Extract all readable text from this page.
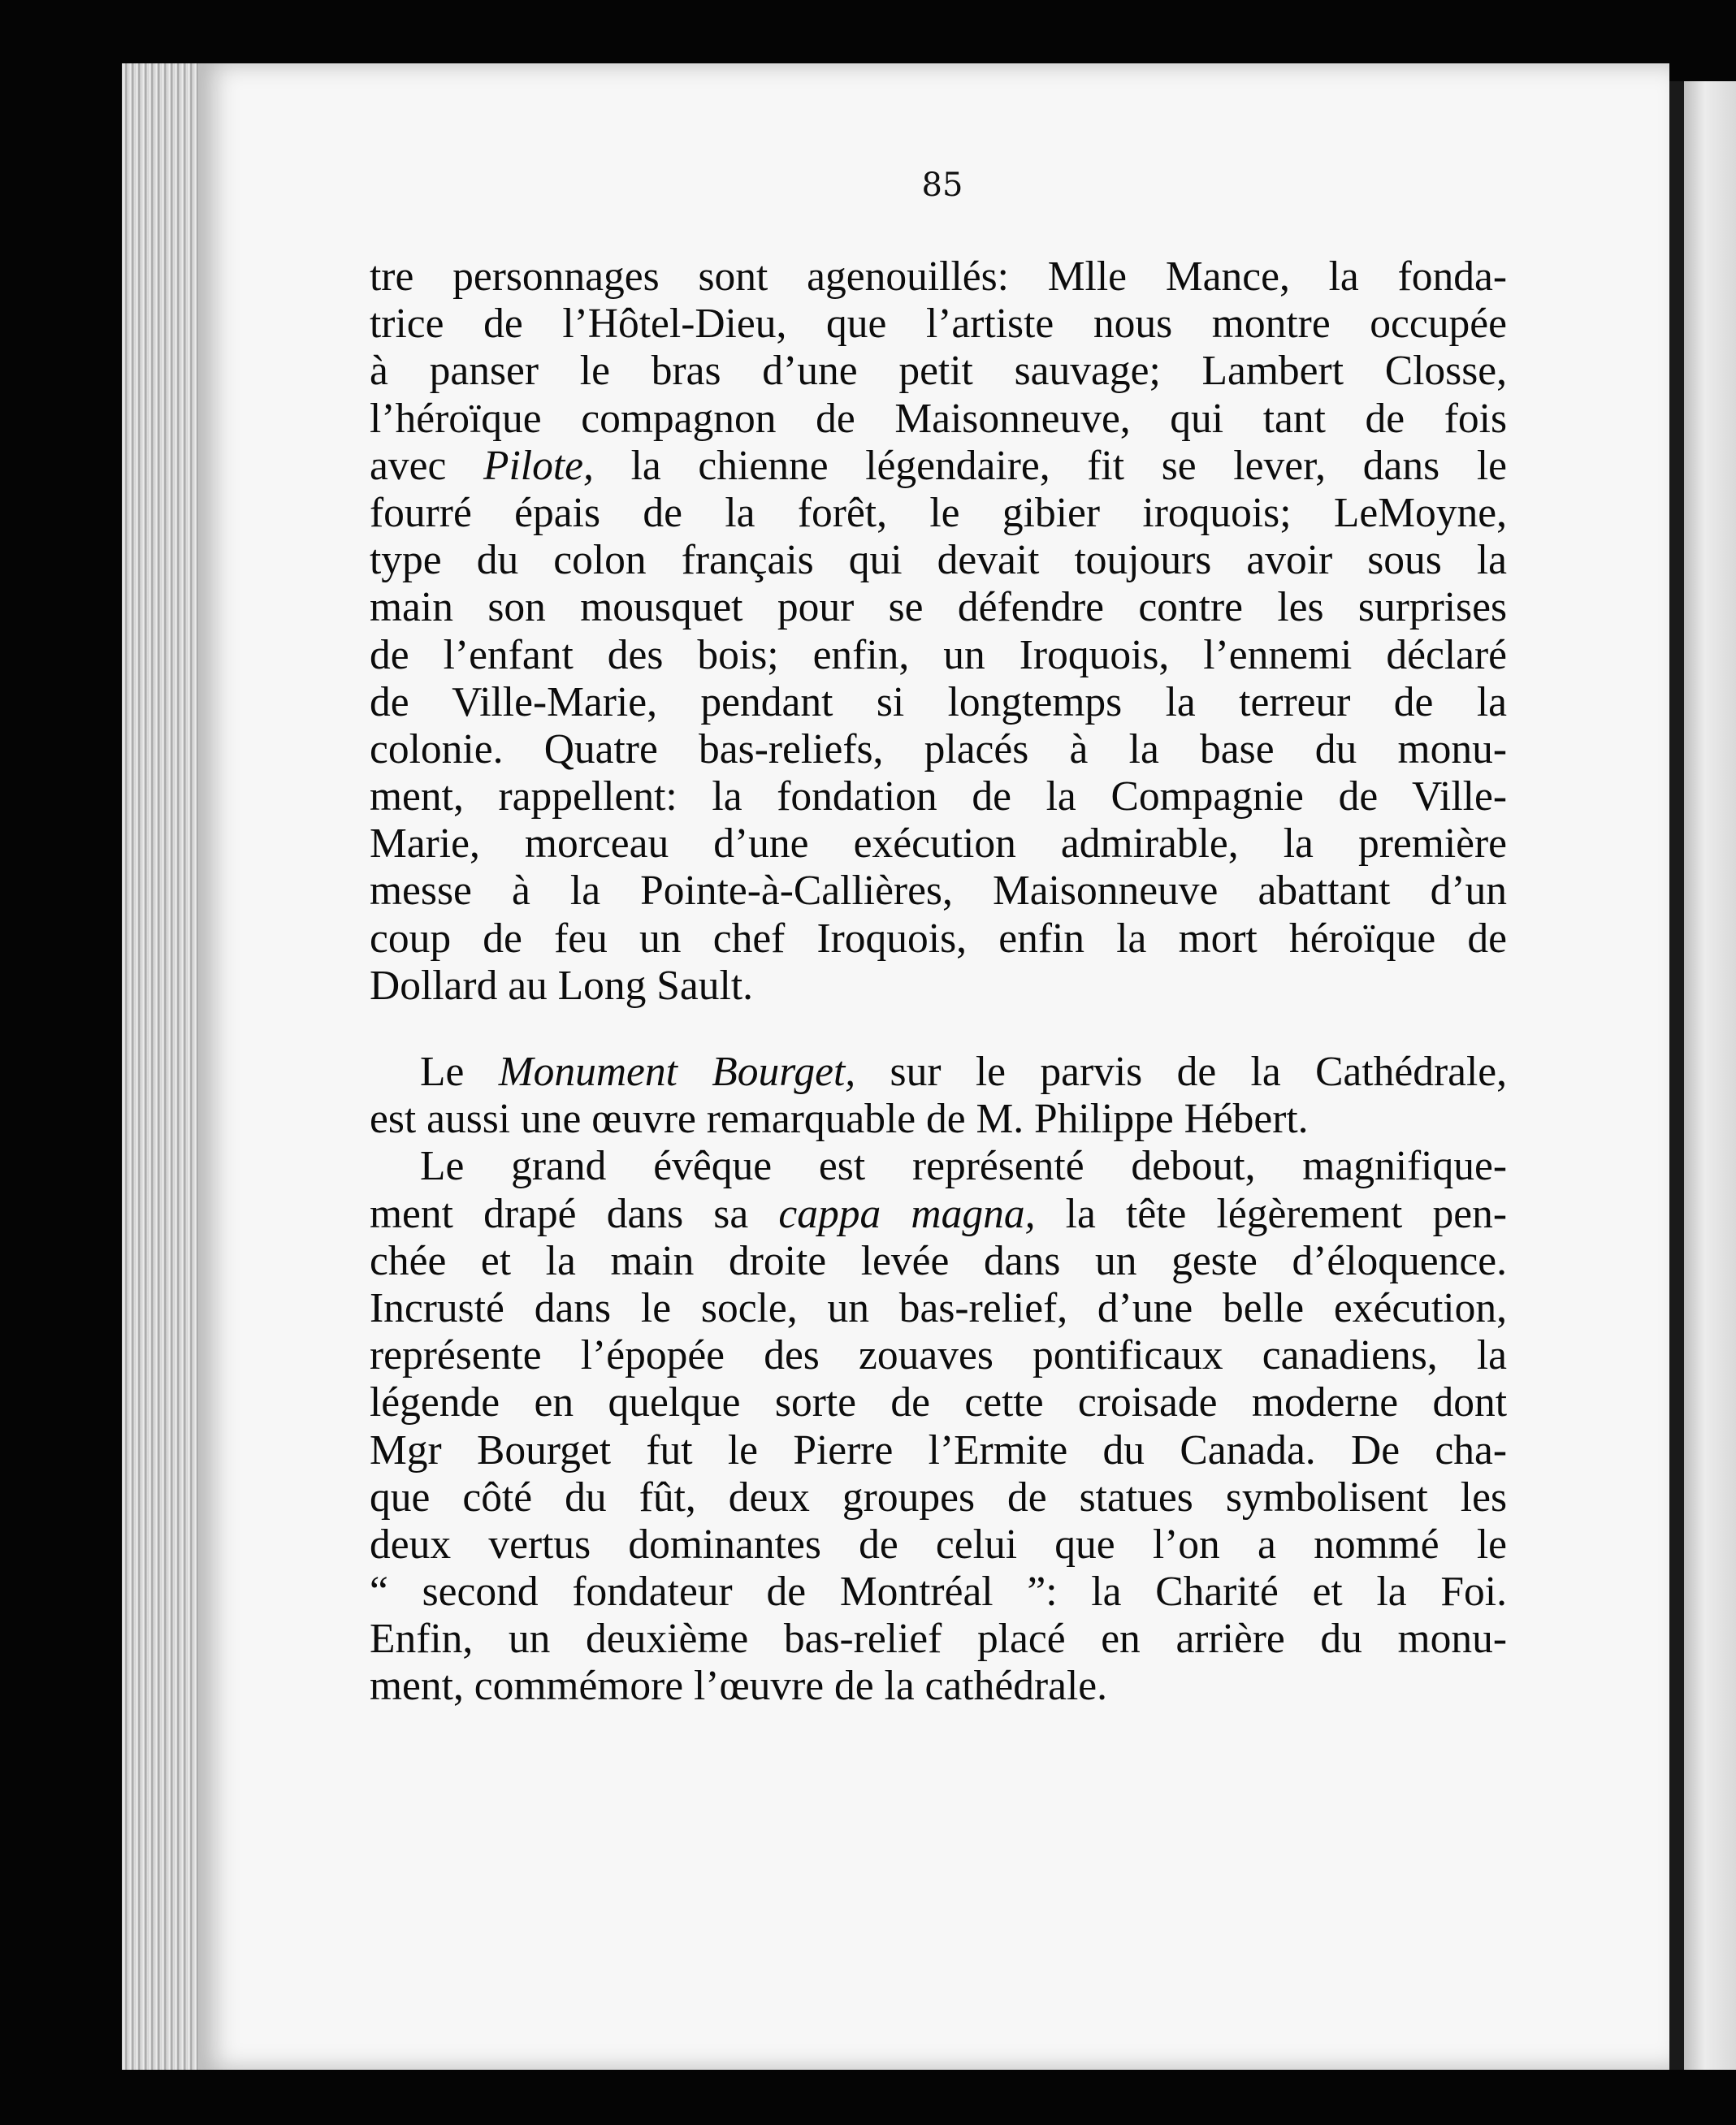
85
tre personnages sont agenouillés: Mlle Mance, la fonda-
trice de l’Hôtel-Dieu, que l’artiste nous montre occupée
à panser le bras d’une petit sauvage; Lambert Closse,
l’héroïque compagnon de Maisonneuve, qui tant de fois
avec Pilote, la chienne légendaire, fit se lever, dans le
fourré épais de la forêt, le gibier iroquois; LeMoyne,
type du colon français qui devait toujours avoir sous la
main son mousquet pour se défendre contre les surprises
de l’enfant des bois; enfin, un Iroquois, l’ennemi déclaré
de Ville-Marie, pendant si longtemps la terreur de la
colonie. Quatre bas-reliefs, placés à la base du monu-
ment, rappellent: la fondation de la Compagnie de Ville-
Marie, morceau d’une exécution admirable, la première
messe à la Pointe-à-Callières, Maisonneuve abattant d’un
coup de feu un chef Iroquois, enfin la mort héroïque de
Dollard au Long Sault.
Le Monument Bourget, sur le parvis de la Cathédrale,
est aussi une œuvre remarquable de M. Philippe Hébert.
Le grand évêque est représenté debout, magnifique-
ment drapé dans sa cappa magna, la tête légèrement pen-
chée et la main droite levée dans un geste d’éloquence.
Incrusté dans le socle, un bas-relief, d’une belle exécution,
représente l’épopée des zouaves pontificaux canadiens, la
légende en quelque sorte de cette croisade moderne dont
Mgr Bourget fut le Pierre l’Ermite du Canada. De cha-
que côté du fût, deux groupes de statues symbolisent les
deux vertus dominantes de celui que l’on a nommé le
“ second fondateur de Montréal ”: la Charité et la Foi.
Enfin, un deuxième bas-relief placé en arrière du monu-
ment, commémore l’œuvre de la cathédrale.
